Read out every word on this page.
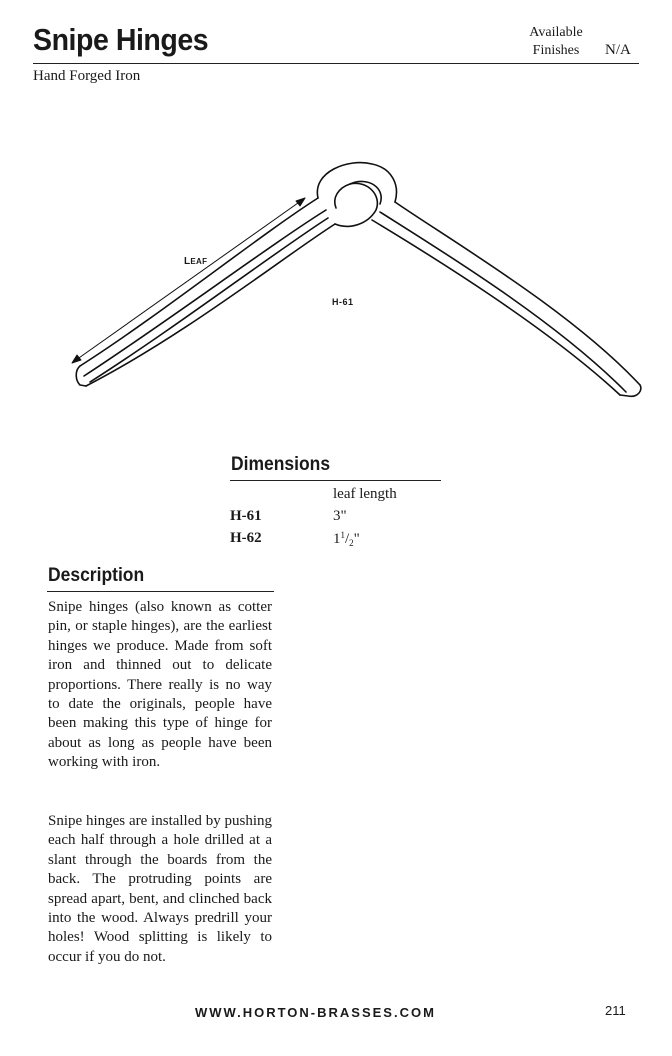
Snipe Hinges	Available
Finishes	N/A
Hand Forged Iron
LEAF
H-61
Dimensions
leaf length
H-61	3"
H-62	$1^1/_2$"
Description

Snipe hinges (also known as cotter pin, or staple hinges), are the earliest hinges we produce. Made from soft iron and thinned out to delicate proportions. There really is no way to date the originals, people have been making this type of hinge for about as long as people have been working with iron.

Snipe hinges are installed by pushing each half through a hole drilled at a slant through the boards from the back. The protruding points are spread apart, bent, and clinched back into the wood. Always predrill your holes! Wood splitting is likely to occur if you do not.

WWW.HORTON-BRASSES.COM	211
